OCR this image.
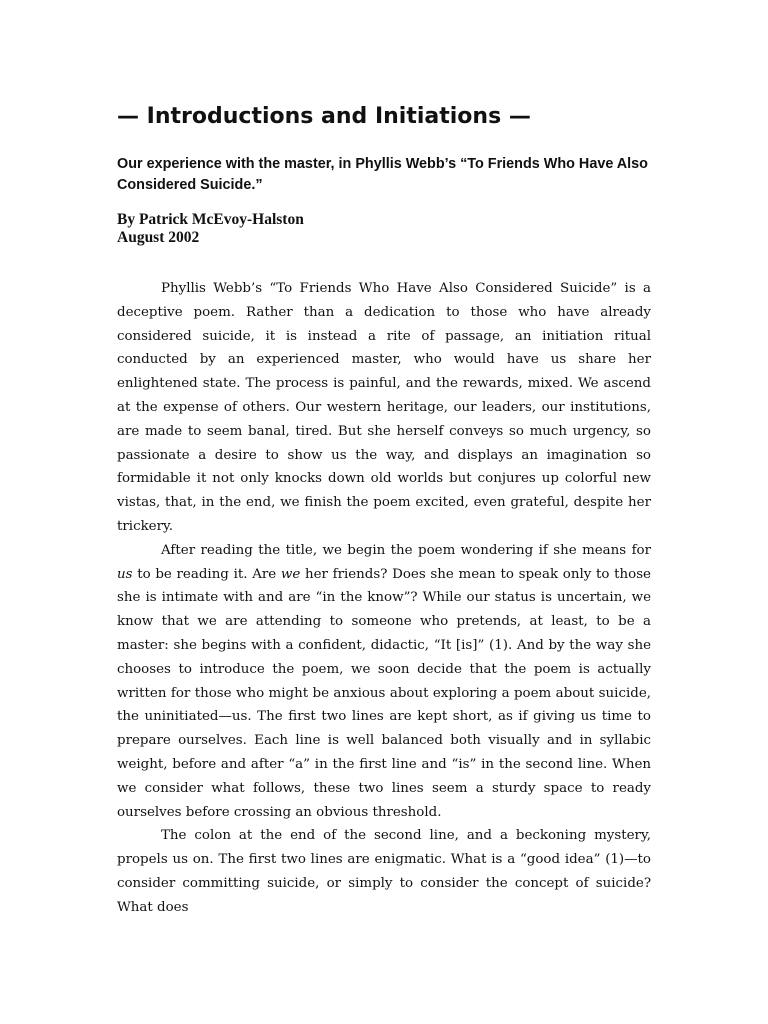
— Introductions and Initiations —
Our experience with the master, in Phyllis Webb’s “To Friends Who Have Also Considered Suicide.”
By Patrick McEvoy-Halston
August 2002

Phyllis Webb’s “To Friends Who Have Also Considered Suicide” is a deceptive poem. Rather than a dedication to those who have already considered suicide, it is instead a rite of passage, an initiation ritual conducted by an experienced master, who would have us share her enlightened state. The process is painful, and the rewards, mixed. We ascend at the expense of others. Our western heritage, our leaders, our institutions, are made to seem banal, tired. But she herself conveys so much urgency, so passionate a desire to show us the way, and displays an imagination so formidable it not only knocks down old worlds but conjures up colorful new vistas, that, in the end, we finish the poem excited, even grateful, despite her trickery.

After reading the title, we begin the poem wondering if she means for us to be reading it. Are we her friends? Does she mean to speak only to those she is intimate with and are “in the know”? While our status is uncertain, we know that we are attending to someone who pretends, at least, to be a master: she begins with a confident, didactic, “It [is]” (1). And by the way she chooses to introduce the poem, we soon decide that the poem is actually written for those who might be anxious about exploring a poem about suicide, the uninitiated—us. The first two lines are kept short, as if giving us time to prepare ourselves. Each line is well balanced both visually and in syllabic weight, before and after “a” in the first line and “is” in the second line. When we consider what follows, these two lines seem a sturdy space to ready ourselves before crossing an obvious threshold.

The colon at the end of the second line, and a beckoning mystery, propels us on. The first two lines are enigmatic. What is a “good idea” (1)—to consider committing suicide, or simply to consider the concept of suicide? What does
